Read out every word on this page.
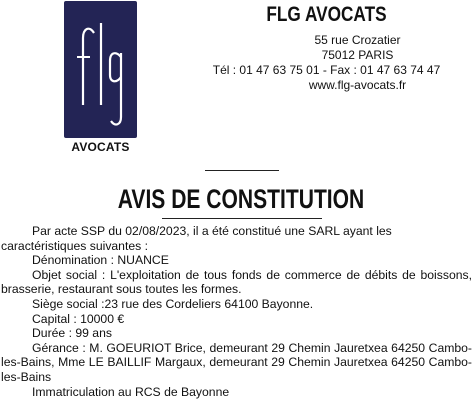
AVOCATS
FLG AVOCATS
55 rue Crozatier
75012 PARIS
Tél : 01 47 63 75 01 - Fax : 01 47 63 74 47
www.flg-avocats.fr
AVIS DE CONSTITUTION
Par acte SSP du 02/08/2023, il a été constitué une SARL ayant les caractéristiques suivantes :
Dénomination : NUANCE
Objet social : L'exploitation de tous fonds de commerce de débits de boissons, brasserie, restaurant sous toutes les formes.
Siège social :23 rue des Cordeliers 64100 Bayonne.
Capital : 10000 €
Durée : 99 ans
Gérance : M. GOEURIOT Brice, demeurant 29 Chemin Jauretxea 64250 Cambo-les-Bains, Mme LE BAILLIF Margaux, demeurant 29 Chemin Jauretxea 64250 Cambo-les-Bains
Immatriculation au RCS de Bayonne
